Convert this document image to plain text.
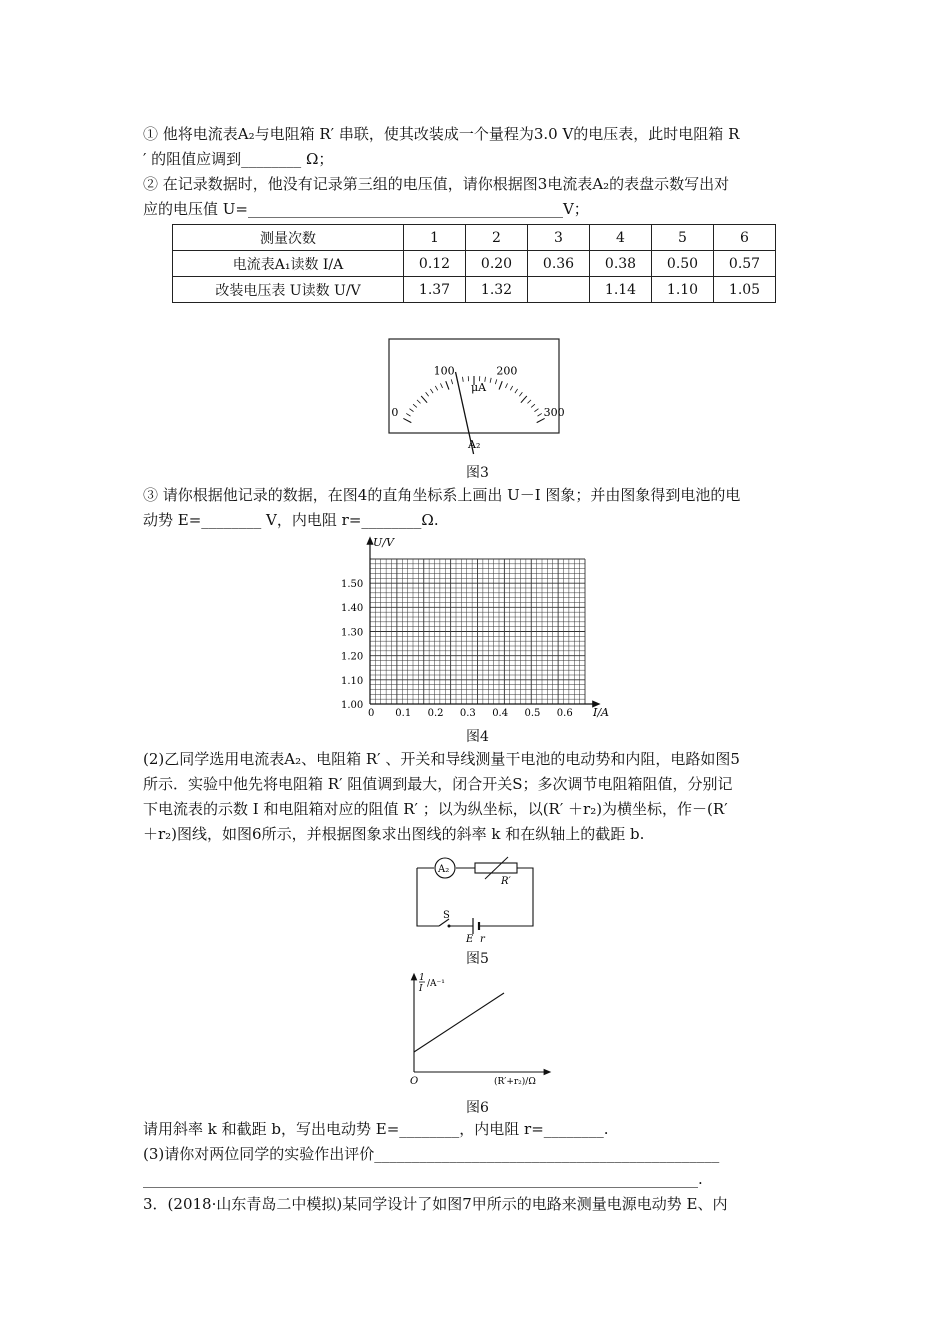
① 他将电流表A₂与电阻箱 R′ 串联，使其改装成一个量程为3.0 V的电压表，此时电阻箱 R
′ 的阻值应调到________ Ω；
② 在记录数据时，他没有记录第三组的电压值，请你根据图3电流表A₂的表盘示数写出对
应的电压值 U=__________________________________________V；
测量次数	1	2	3	4	5	6
电流表A₁读数 I/A	0.12	0.20	0.36	0.38	0.50	0.57
改装电压表 U读数 U/V	1.37	1.32		1.14	1.10	1.05
0
100	200
300
μA
A₂
图3
③ 请你根据他记录的数据，在图4的直角坐标系上画出 U－I 图象；并由图象得到电池的电
动势 E=________ V，内电阻 r=________Ω.
U/V
I/A
1.00
1.10
1.20
1.30
1.40
1.50
0 0.1 0.2 0.3 0.4 0.5 0.6
图4
(2)乙同学选用电流表A₂、电阻箱 R′ 、开关和导线测量干电池的电动势和内阻，电路如图5
所示．实验中他先将电阻箱 R′ 阻值调到最大，闭合开关S；多次调节电阻箱阻值，分别记
下电流表的示数 I 和电阻箱对应的阻值 R′ ；以为纵坐标，以(R′ ＋r₂)为横坐标，作－(R′
＋r₂)图线，如图6所示，并根据图象求出图线的斜率 k 和在纵轴上的截距 b.
A₂
R′
S
E r
图5
1
I /A⁻¹
O	(R′+r₂)/Ω
图6
请用斜率 k 和截距 b，写出电动势 E=________，内电阻 r=________.
(3)请你对两位同学的实验作出评价______________________________________________
__________________________________________________________________________.
3．(2018·山东青岛二中模拟)某同学设计了如图7甲所示的电路来测量电源电动势 E、内
